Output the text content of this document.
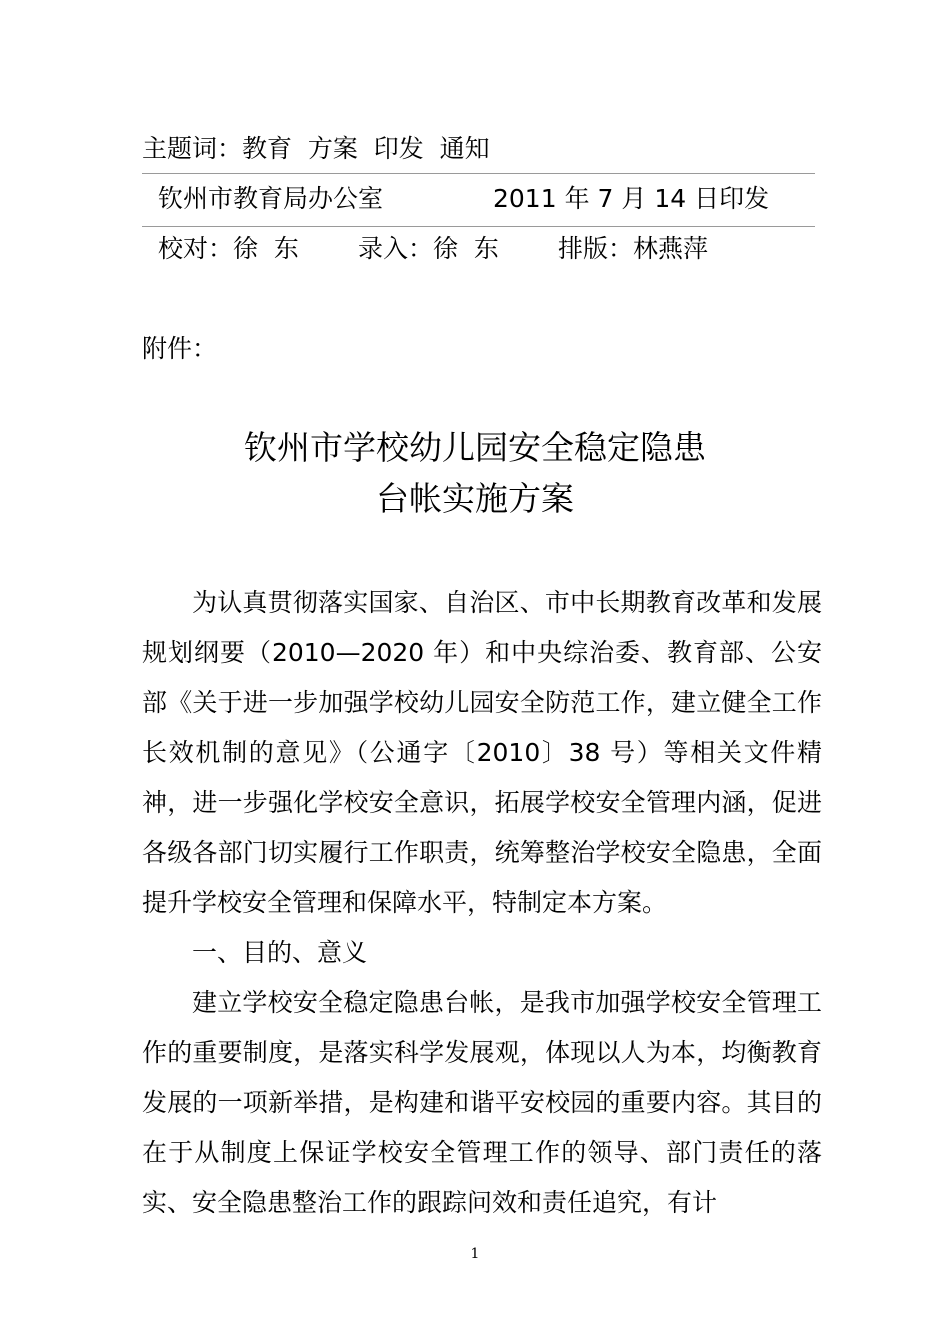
主题词：教育  方案  印发  通知
钦州市教育局办公室	2011 年 7 月 14 日印发
校对：徐  东 录入：徐  东 排版：林燕萍
附件：
钦州市学校幼儿园安全稳定隐患
台帐实施方案

为认真贯彻落实国家、自治区、市中长期教育改革和发展规划纲要（2010—2020 年）和中央综治委、教育部、公安部《关于进一步加强学校幼儿园安全防范工作，建立健全工作长效机制的意见》（公通字〔2010〕38 号）等相关文件精神，进一步强化学校安全意识，拓展学校安全管理内涵，促进各级各部门切实履行工作职责，统筹整治学校安全隐患，全面提升学校安全管理和保障水平，特制定本方案。

一、目的、意义

建立学校安全稳定隐患台帐，是我市加强学校安全管理工作的重要制度，是落实科学发展观，体现以人为本，均衡教育发展的一项新举措，是构建和谐平安校园的重要内容。其目的在于从制度上保证学校安全管理工作的领导、部门责任的落实、安全隐患整治工作的跟踪问效和责任追究，有计

1
